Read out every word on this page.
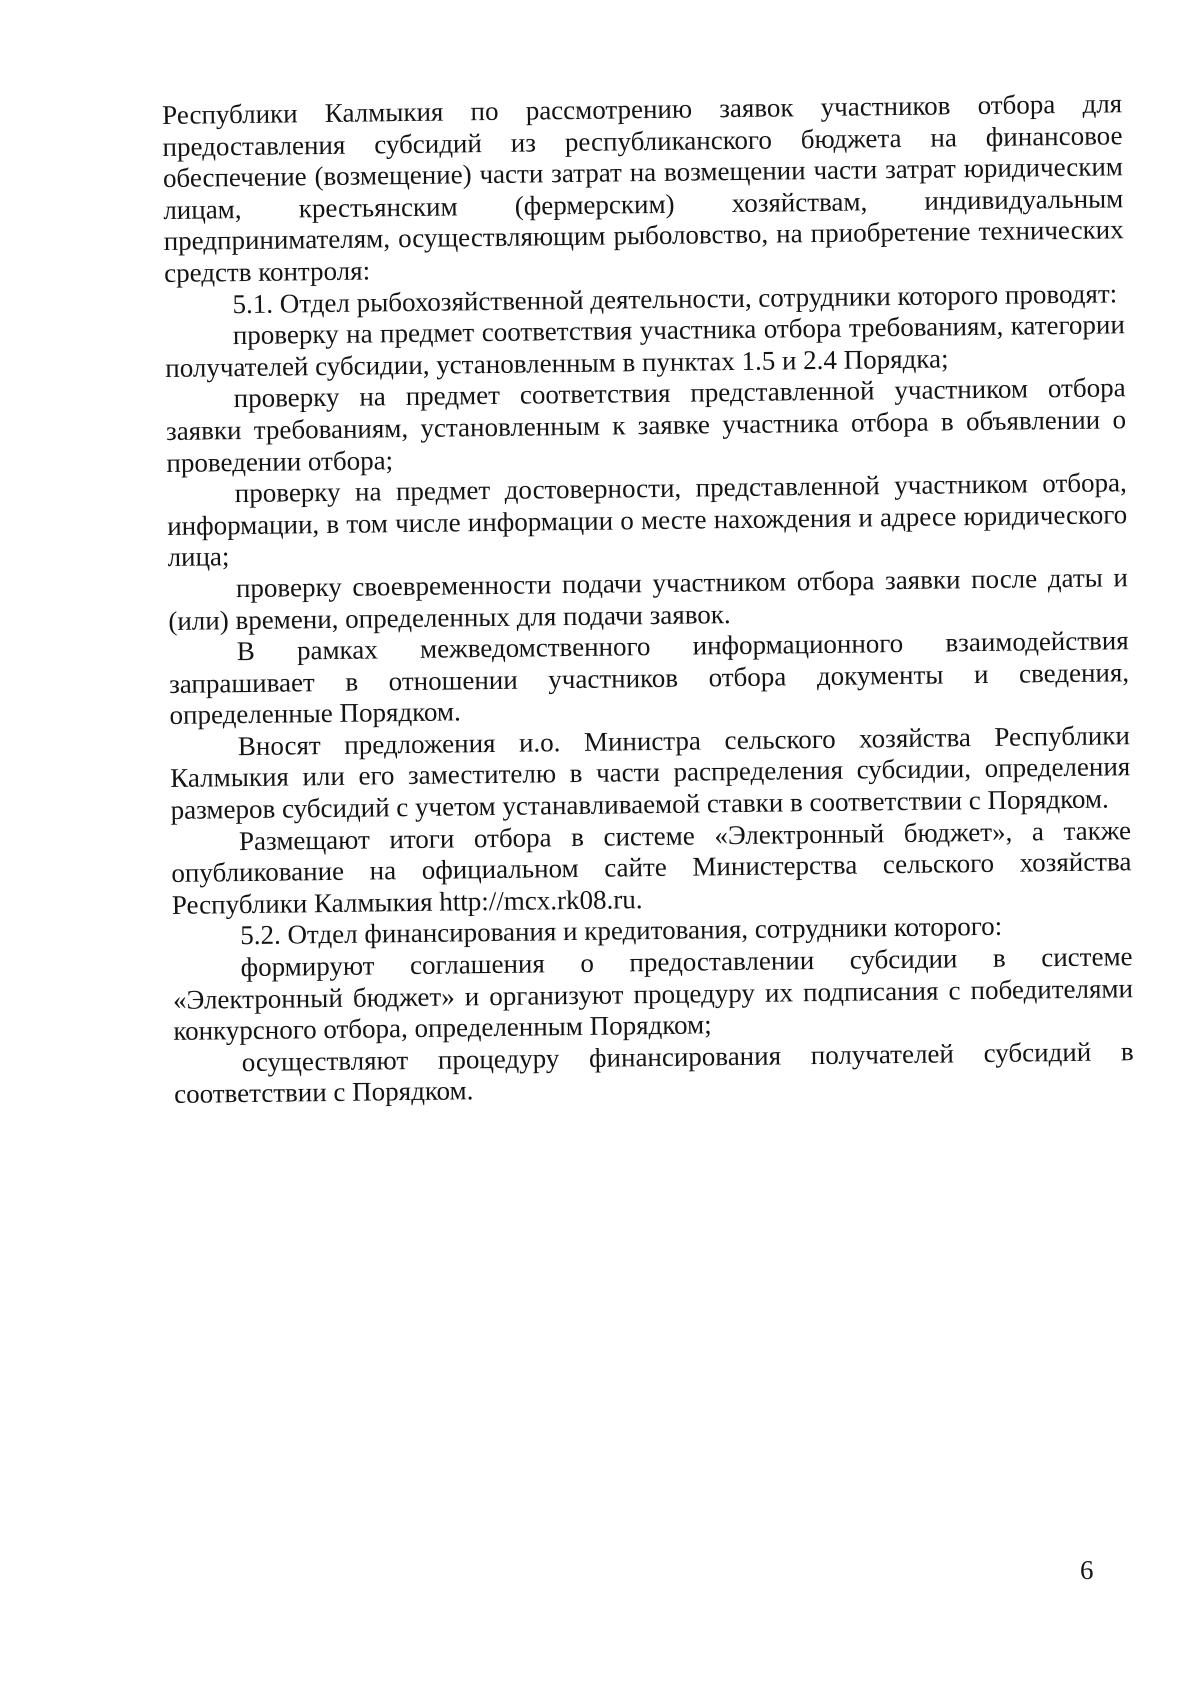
Республики Калмыкия по рассмотрению заявок участников отбора для предоставления субсидий из республиканского бюджета на финансовое обеспечение (возмещение) части затрат на возмещении части затрат юридическим лицам, крестьянским (фермерским) хозяйствам, индивидуальным предпринимателям, осуществляющим рыболовство, на приобретение технических средств контроля:

5.1. Отдел рыбохозяйственной деятельности, сотрудники которого проводят:

проверку на предмет соответствия участника отбора требованиям, категории получателей субсидии, установленным в пунктах 1.5 и 2.4 Порядка;

проверку на предмет соответствия представленной участником отбора заявки требованиям, установленным к заявке участника отбора в объявлении о проведении отбора;

проверку на предмет достоверности, представленной участником отбора, информации, в том числе информации о месте нахождения и адресе юридического лица;

проверку своевременности подачи участником отбора заявки после даты и (или) времени, определенных для подачи заявок.

В рамках межведомственного информационного взаимодействия запрашивает в отношении участников отбора документы и сведения, определенные Порядком.

Вносят предложения и.о. Министра сельского хозяйства Республики Калмыкия или его заместителю в части распределения субсидии, определения размеров субсидий с учетом устанавливаемой ставки в соответствии с Порядком.

Размещают итоги отбора в системе «Электронный бюджет», а также опубликование на официальном сайте Министерства сельского хозяйства Республики Калмыкия http://mcx.rk08.ru.

5.2. Отдел финансирования и кредитования, сотрудники которого:

формируют соглашения о предоставлении субсидии в системе «Электронный бюджет» и организуют процедуру их подписания с победителями конкурсного отбора, определенным Порядком;

осуществляют процедуру финансирования получателей субсидий в соответствии с Порядком.

6
